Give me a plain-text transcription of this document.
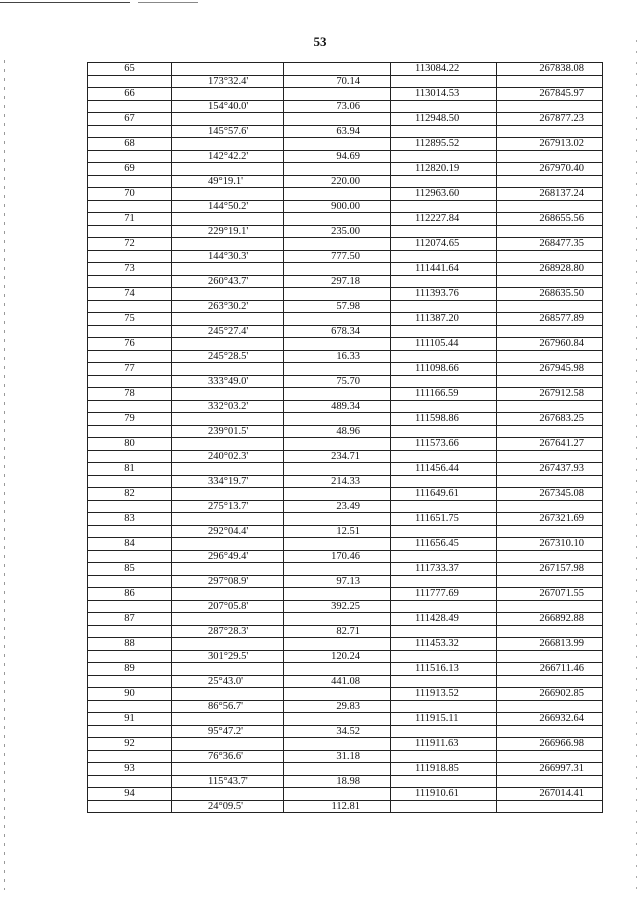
53
65			113084.22	267838.08
	173°32.4'	70.14		
66			113014.53	267845.97
	154°40.0'	73.06		
67			112948.50	267877.23
	145°57.6'	63.94		
68			112895.52	267913.02
	142°42.2'	94.69		
69			112820.19	267970.40
	49°19.1'	220.00		
70			112963.60	268137.24
	144°50.2'	900.00		
71			112227.84	268655.56
	229°19.1'	235.00		
72			112074.65	268477.35
	144°30.3'	777.50		
73			111441.64	268928.80
	260°43.7'	297.18		
74			111393.76	268635.50
	263°30.2'	57.98		
75			111387.20	268577.89
	245°27.4'	678.34		
76			111105.44	267960.84
	245°28.5'	16.33		
77			111098.66	267945.98
	333°49.0'	75.70		
78			111166.59	267912.58
	332°03.2'	489.34		
79			111598.86	267683.25
	239°01.5'	48.96		
80			111573.66	267641.27
	240°02.3'	234.71		
81			111456.44	267437.93
	334°19.7'	214.33		
82			111649.61	267345.08
	275°13.7'	23.49		
83			111651.75	267321.69
	292°04.4'	12.51		
84			111656.45	267310.10
	296°49.4'	170.46		
85			111733.37	267157.98
	297°08.9'	97.13		
86			111777.69	267071.55
	207°05.8'	392.25		
87			111428.49	266892.88
	287°28.3'	82.71		
88			111453.32	266813.99
	301°29.5'	120.24		
89			111516.13	266711.46
	25°43.0'	441.08		
90			111913.52	266902.85
	86°56.7'	29.83		
91			111915.11	266932.64
	95°47.2'	34.52		
92			111911.63	266966.98
	76°36.6'	31.18		
93			111918.85	266997.31
	115°43.7'	18.98		
94			111910.61	267014.41
	24°09.5'	112.81		
